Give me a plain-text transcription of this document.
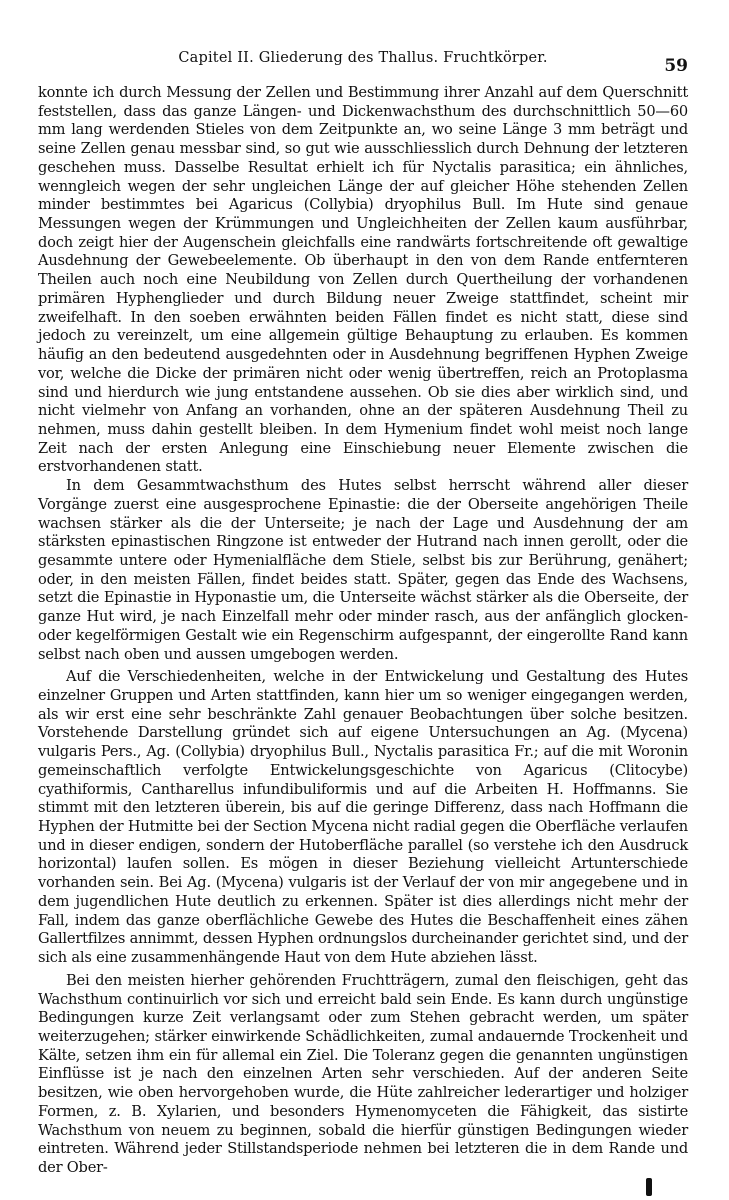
Capitel II. Gliederung des Thallus. Fruchtkörper.	59

konnte ich durch Messung der Zellen und Bestimmung ihrer Anzahl auf dem Querschnitt feststellen, dass das ganze Längen- und Dickenwachsthum des durchschnittlich 50—60 mm lang werdenden Stieles von dem Zeitpunkte an, wo seine Länge 3 mm beträgt und seine Zellen genau messbar sind, so gut wie ausschliesslich durch Dehnung der letzteren geschehen muss. Dasselbe Resultat erhielt ich für Nyctalis parasitica; ein ähnliches, wenngleich wegen der sehr ungleichen Länge der auf gleicher Höhe stehenden Zellen minder bestimmtes bei Agaricus (Collybia) dryophilus Bull. Im Hute sind genaue Messungen wegen der Krümmungen und Ungleichheiten der Zellen kaum ausführbar, doch zeigt hier der Augenschein gleichfalls eine randwärts fortschreitende oft gewaltige Ausdehnung der Gewebeelemente. Ob überhaupt in den von dem Rande entfernteren Theilen auch noch eine Neubildung von Zellen durch Quertheilung der vorhandenen primären Hyphenglieder und durch Bildung neuer Zweige stattfindet, scheint mir zweifelhaft. In den soeben erwähnten beiden Fällen findet es nicht statt, diese sind jedoch zu vereinzelt, um eine allgemein gültige Behauptung zu erlauben. Es kommen häufig an den bedeutend ausgedehnten oder in Ausdehnung begriffenen Hyphen Zweige vor, welche die Dicke der primären nicht oder wenig übertreffen, reich an Protoplasma sind und hierdurch wie jung entstandene aussehen. Ob sie dies aber wirklich sind, und nicht vielmehr von Anfang an vorhanden, ohne an der späteren Ausdehnung Theil zu nehmen, muss dahin gestellt bleiben. In dem Hymenium findet wohl meist noch lange Zeit nach der ersten Anlegung eine Einschiebung neuer Elemente zwischen die erstvorhandenen statt.

In dem Gesammtwachsthum des Hutes selbst herrscht während aller dieser Vorgänge zuerst eine ausgesprochene Epinastie: die der Oberseite angehörigen Theile wachsen stärker als die der Unterseite; je nach der Lage und Ausdehnung der am stärksten epinastischen Ringzone ist entweder der Hutrand nach innen gerollt, oder die gesammte untere oder Hymenialfläche dem Stiele, selbst bis zur Berührung, genähert; oder, in den meisten Fällen, findet beides statt. Später, gegen das Ende des Wachsens, setzt die Epinastie in Hyponastie um, die Unterseite wächst stärker als die Oberseite, der ganze Hut wird, je nach Einzelfall mehr oder minder rasch, aus der anfänglich glocken- oder kegelförmigen Gestalt wie ein Regenschirm aufgespannt, der eingerollte Rand kann selbst nach oben und aussen umgebogen werden.

Auf die Verschiedenheiten, welche in der Entwickelung und Gestaltung des Hutes einzelner Gruppen und Arten stattfinden, kann hier um so weniger eingegangen werden, als wir erst eine sehr beschränkte Zahl genauer Beobachtungen über solche besitzen. Vorstehende Darstellung gründet sich auf eigene Untersuchungen an Ag. (Mycena) vulgaris Pers., Ag. (Collybia) dryophilus Bull., Nyctalis parasitica Fr.; auf die mit Woronin gemeinschaftlich verfolgte Entwickelungsgeschichte von Agaricus (Clitocybe) cyathiformis, Cantharellus infundibuliformis und auf die Arbeiten H. Hoffmanns. Sie stimmt mit den letzteren überein, bis auf die geringe Differenz, dass nach Hoffmann die Hyphen der Hutmitte bei der Section Mycena nicht radial gegen die Oberfläche verlaufen und in dieser endigen, sondern der Hutoberfläche parallel (so verstehe ich den Ausdruck horizontal) laufen sollen. Es mögen in dieser Beziehung vielleicht Artunterschiede vorhanden sein. Bei Ag. (Mycena) vulgaris ist der Verlauf der von mir angegebene und in dem jugendlichen Hute deutlich zu erkennen. Später ist dies allerdings nicht mehr der Fall, indem das ganze oberflächliche Gewebe des Hutes die Beschaffenheit eines zähen Gallertfilzes annimmt, dessen Hyphen ordnungslos durcheinander gerichtet sind, und der sich als eine zusammenhängende Haut von dem Hute abziehen lässt.

Bei den meisten hierher gehörenden Fruchtträgern, zumal den fleischigen, geht das Wachsthum continuirlich vor sich und erreicht bald sein Ende. Es kann durch ungünstige Bedingungen kurze Zeit verlangsamt oder zum Stehen gebracht werden, um später weiterzugehen; stärker einwirkende Schädlichkeiten, zumal andauernde Trockenheit und Kälte, setzen ihm ein für allemal ein Ziel. Die Toleranz gegen die genannten ungünstigen Einflüsse ist je nach den einzelnen Arten sehr verschieden. Auf der anderen Seite besitzen, wie oben hervorgehoben wurde, die Hüte zahlreicher lederartiger und holziger Formen, z. B. Xylarien, und besonders Hymenomyceten die Fähigkeit, das sistirte Wachsthum von neuem zu beginnen, sobald die hierfür günstigen Bedingungen wieder eintreten. Während jeder Stillstandsperiode nehmen bei letzteren die in dem Rande und der Ober-
